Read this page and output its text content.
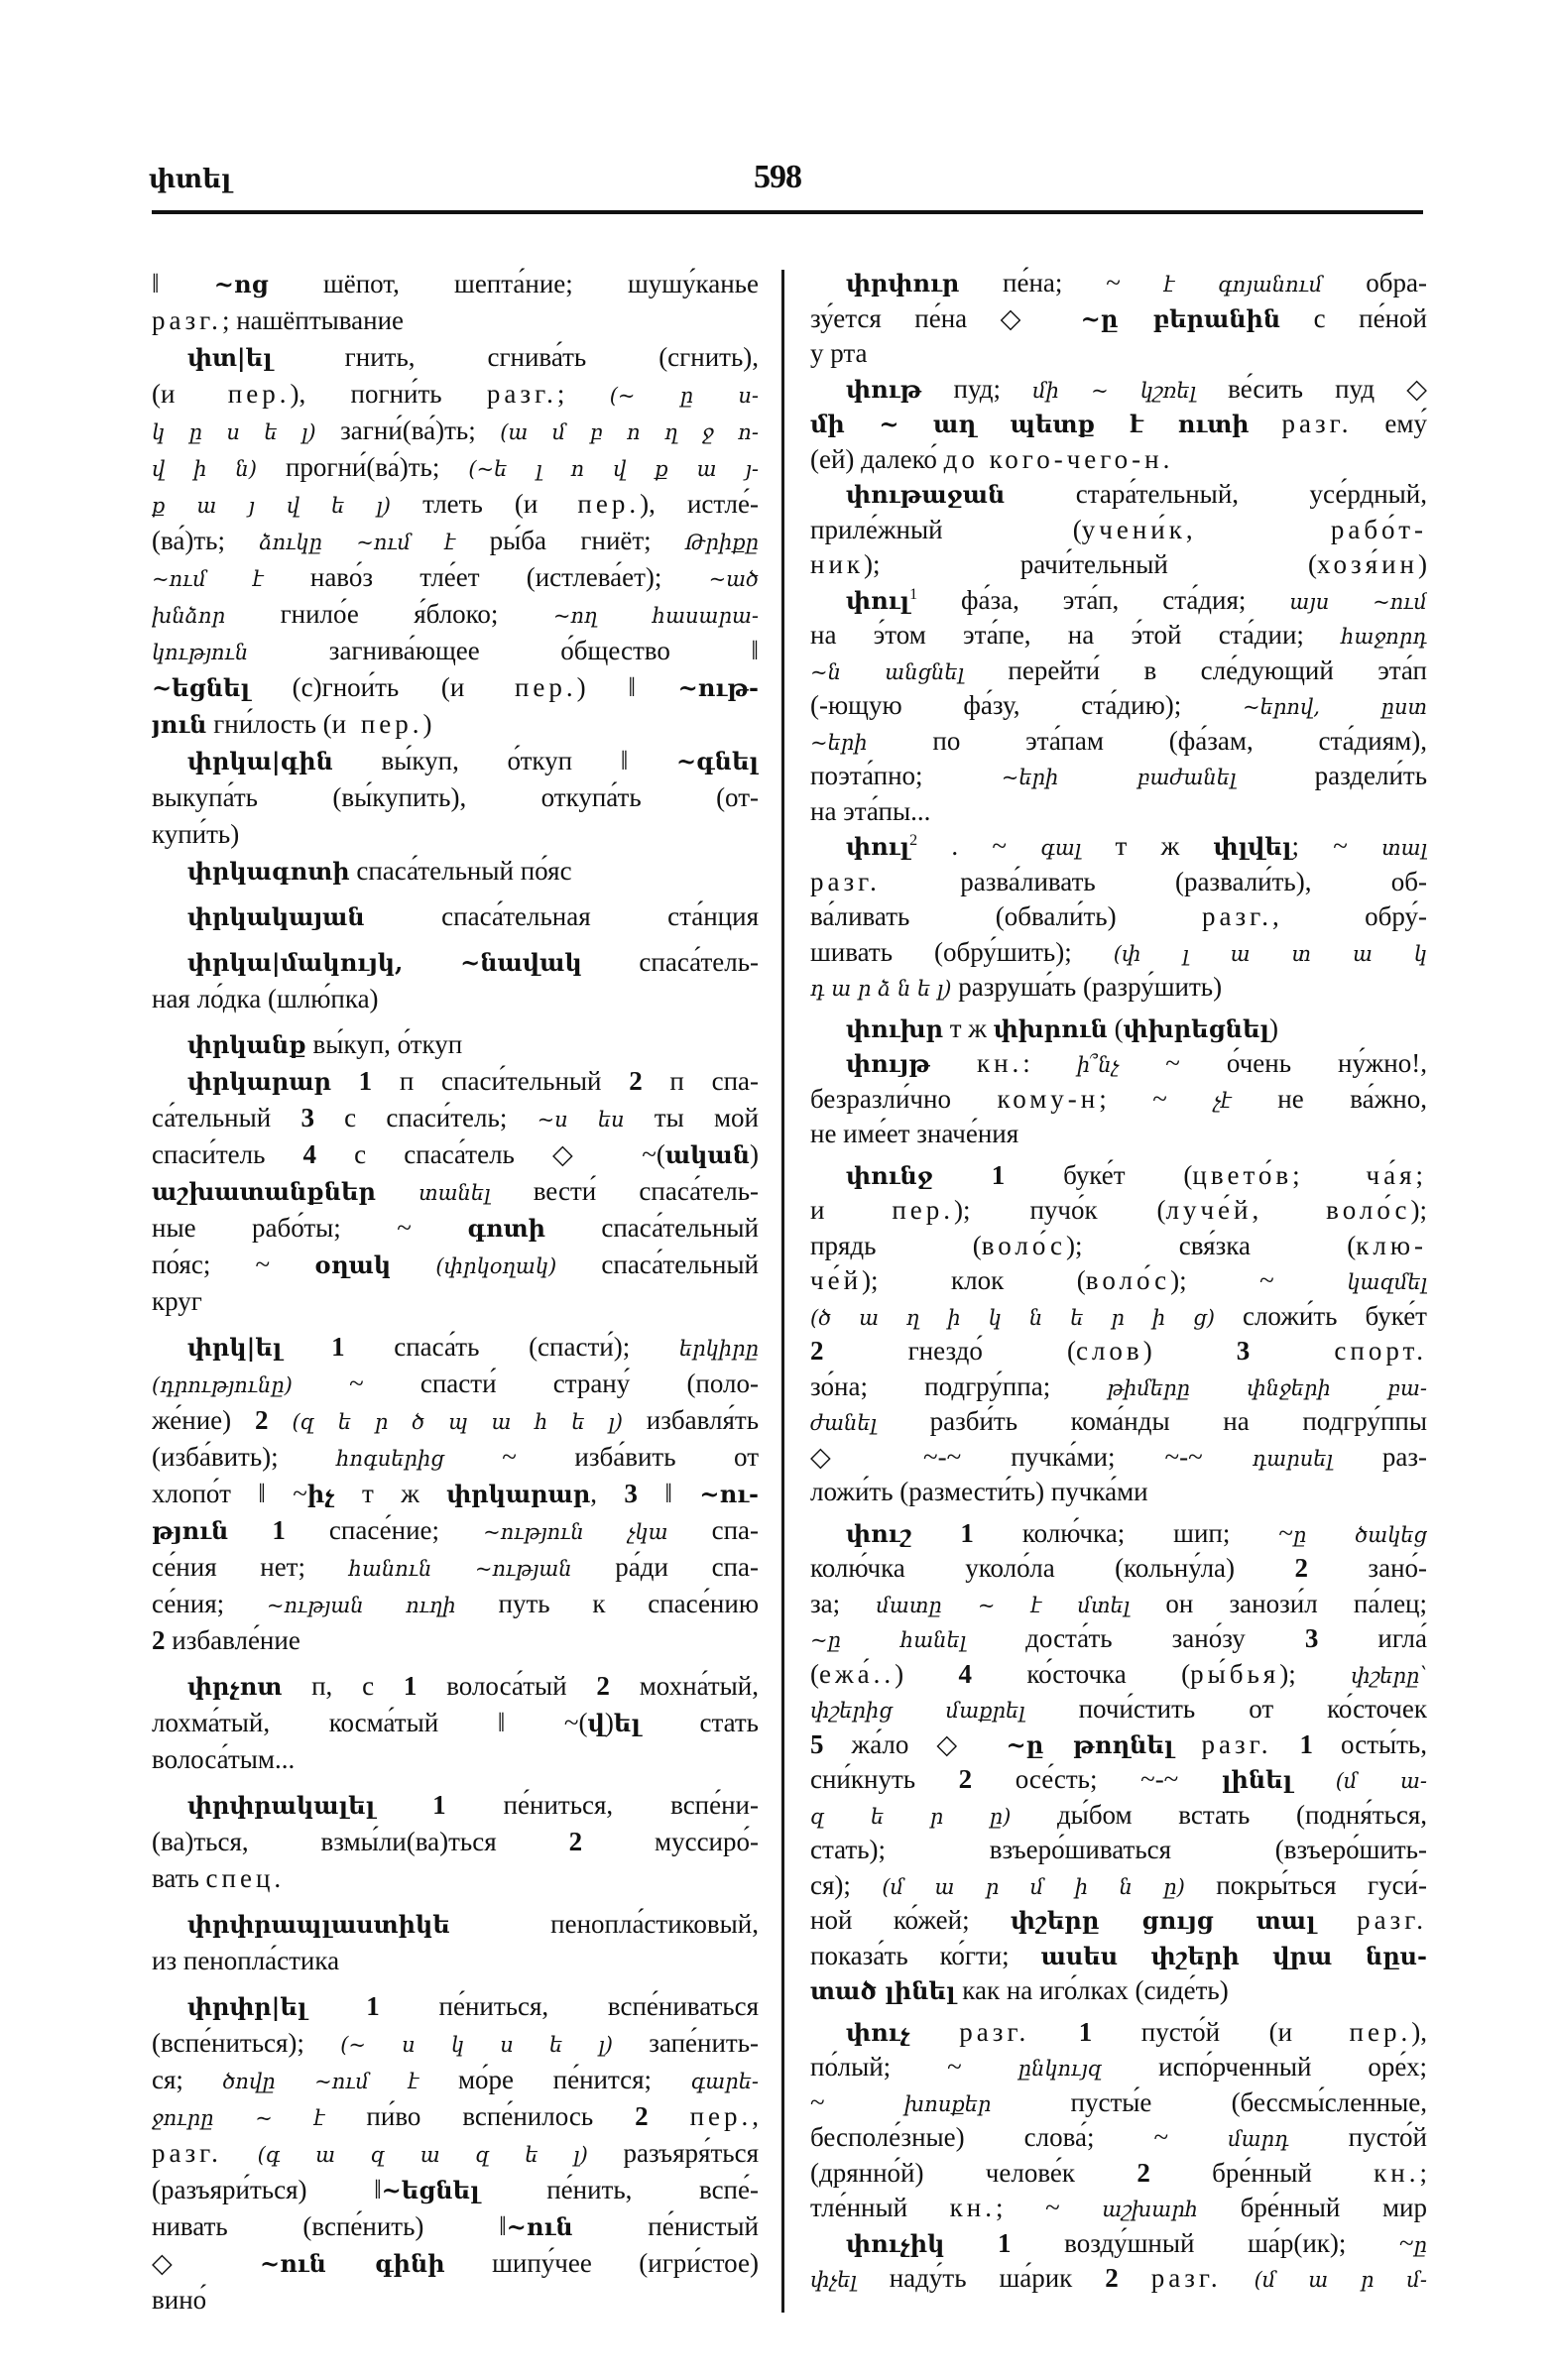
փտել	598
‖ ~ոց шёпот, шепта́ние; шушу́канье
разг.; нашёптывание
փտ|ել гнить, сгнива́ть (сгнить),
(и пер.), погни́ть разг.; (~ ը ս-
կ ը ս ե լ) загни́(ва́)ть; (ա մ բ ո ղ ջ ո-
վ ի ն) прогни́(ва́)ть; (~ե լ ո վ ք ա յ-
ք ա յ վ ե լ) тлеть (и пер.), истле́-
(ва́)ть; ձուկը ~ում է ры́ба гниёт; Թրիքը
~ում է наво́з тле́ет (истлева́ет); ~ած
խնձոր гнило́е я́блоко; ~ող հասարա-
կություն загнива́ющее о́бщество ‖
~եցնել (с)гнои́ть (и пер.) ‖ ~ութ-
յուն гни́лость (и пер.)
փրկա|գին вы́куп, о́ткуп ‖ ~գնել
выкупа́ть (вы́купить), откупа́ть (от-
купи́ть)
փրկագոտի спаса́тельный по́яс
փրկակայան спаса́тельная ста́нция
փրկա|մակույկ, ~նավակ спаса́тель-
ная ло́дка (шлю́пка)
փրկանք вы́куп, о́ткуп
փրկարար 1 п спаси́тельный 2 п спа-
са́тельный 3 с спаси́тель; ~ս ես ты мой
спаси́тель 4 с спаса́тель ◇ ~(ական)
աշխատանքներ տանել вести́ спаса́тель-
ные рабо́ты; ~ գոտի спаса́тельный
по́яс; ~ օղակ (փրկօղակ) спаса́тельный
круг
փրկ|ել 1 спаса́ть (спасти́); երկիրը
(դրությունը) ~ спасти́ страну́ (поло-
же́ние) 2 (զ ե ր ծ պ ա հ ե լ) избавля́ть
(изба́вить); հոգսերից ~ изба́вить от
хлопо́т ‖ ~իչ т ж փրկարար, 3 ‖ ~ու-
թյուն 1 спасе́ние; ~ություն չկա спа-
се́ния нет; հանուն ~ության ра́ди спа-
се́ния; ~ության ուղի путь к спасе́нию
2 избавле́ние
փրչոտ п, с 1 волоса́тый 2 мохна́тый,
лохма́тый, косма́тый ‖ ~(վ)ել стать
волоса́тым...
փրփրակալել 1 пе́ниться, вспе́ни-
(ва)ться, взмы́ли(ва)ться 2 муссиро́-
вать спец.
փրփրապլաստիկե пенопла́стиковый,
из пенопла́стика
փրփր|ել 1 пе́ниться, вспе́ниваться
(вспе́ниться); (~ ս կ ս ե լ) запе́нить-
ся; ծովը ~ում է мо́ре пе́нится; գարե-
ջուրը ~ է пи́во вспе́нилось 2 пер.,
разг. (գ ա զ ա զ ե լ) разъяря́ться
(разъяри́ться) ‖~եցնել пе́нить, вспе́-
нивать (вспе́нить) ‖~ուն пе́нистый
◇ ~ուն գինի шипу́чее (игри́стое)
вино́
փրփուր пе́на; ~ է գոյանում обра-
зу́ется пе́на ◇ ~ը բերանին с пе́ной
у рта
փութ пуд; մի ~ կշռել ве́сить пуд ◇
մի ~ աղ պետք է ուտի разг. ему́
(ей) далеко́ до кого-чего-н.
փութաջան стара́тельный, усе́рдный,
приле́жный (учени́к, рабо́т-
ник); рачи́тельный (хозя́ин)
փուլ$^1$ фа́за, эта́п, ста́дия; այս ~ում
на э́том эта́пе, на э́той ста́дии; հաջորդ
~ն անցնել перейти́ в сле́дующий эта́п
(-ющую фа́зу, ста́дию); ~երով, ըստ
~երի по эта́пам (фа́зам, ста́диям),
поэта́пно; ~երի բաժանել раздели́ть
на эта́пы...
փուլ$^2$ . ~ գալ т ж փլվել; ~ տալ
разг. разва́ливать (развали́ть), об-
ва́ливать (обвали́ть) разг., обру́-
шивать (обру́шить); (փ լ ա տ ա կ
դ ա ր ձ ն ե լ) разруша́ть (разру́шить)
փուխր т ж փխրուն (փխրեցնել)
փույթ кн.: ի՞նչ ~ о́чень ну́жно!,
безразли́чно кому-н; ~ չէ не ва́жно,
не име́ет значе́ния
փունջ 1 буке́т (цвето́в; ча́я;
и пер.); пучо́к (луче́й, воло́с);
прядь (воло́с); свя́зка (клю-
че́й); клок (воло́с); ~ կազմել
(ծ ա ղ ի կ ն ե ր ի ց) сложи́ть буке́т
2 гнездо́ (слов) 3	спорт.
зо́на; подгру́ппа; թիմերը փնջերի բա-
ժանել разби́ть кома́нды на подгру́ппы
◇ ~-~ пучка́ми; ~-~ դարսել раз-
ложи́ть (размести́ть) пучка́ми
փուշ 1 колю́чка; шип; ~ը ծակեց
колю́чка уколо́ла (кольну́ла) 2 зано́-
за; մատը ~ է մտել он занози́л па́лец;
~ը հանել доста́ть зано́зу 3 игла́
(ежа́..) 4 ко́сточка (ры́бья); փշերը՝
փշերից մաքրել почи́стить от ко́сточек
5 жа́ло ◇ ~ը թողնել разг. 1 осты́ть,
сни́кнуть 2 осе́сть; ~-~ լինել (մ ա-
զ ե ր ը) ды́бом встать (подня́ться,
стать); взъеро́шиваться (взъеро́шить-
ся); (մ ա ր մ ի ն ը) покры́ться гуси́-
ной ко́жей; փշերը ցույց տալ разг.
показа́ть ко́гти; ասես փշերի վրա նըս-
տած լինել как на иго́лках (сиде́ть)
փուչ разг. 1 пусто́й (и пер.),
по́лый; ~ ընկույզ испо́рченный оре́х;
~ խոսքեր пусты́е (бессмы́сленные,
бесполе́зные) слова́; ~ մարդ пусто́й
(дрянно́й) челове́к 2 бре́нный кн.;
тле́нный кн.; ~ աշխարհ бре́нный мир
փուչիկ 1 возду́шный ша́р(ик); ~ը
փչել наду́ть ша́рик 2 разг. (մ ա ր մ-
